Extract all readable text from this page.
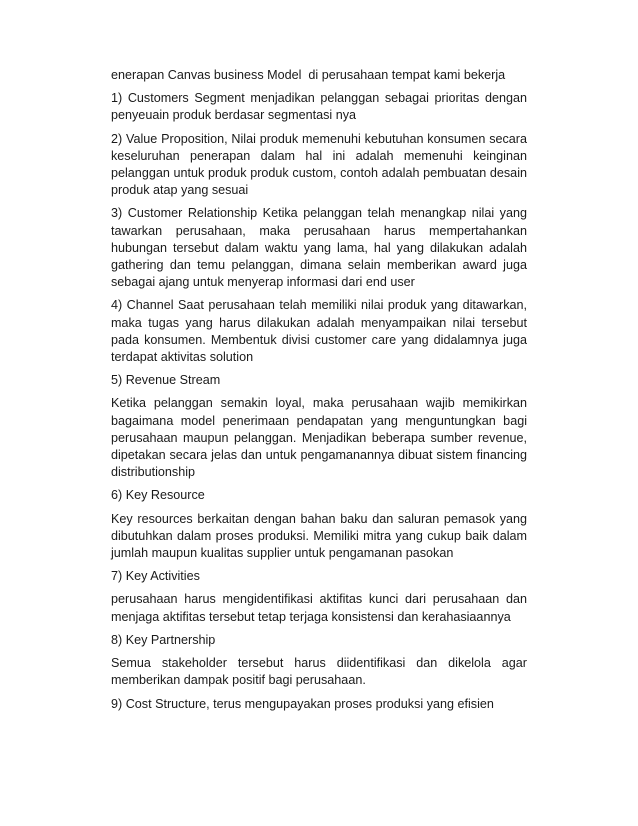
enerapan Canvas business Model  di perusahaan tempat kami bekerja

1) Customers Segment menjadikan pelanggan sebagai prioritas dengan penyeuain produk berdasar segmentasi nya

2) Value Proposition, Nilai produk memenuhi kebutuhan konsumen secara keseluruhan penerapan dalam hal ini adalah memenuhi keinginan pelanggan untuk produk produk custom, contoh adalah pembuatan desain produk atap yang sesuai

3) Customer Relationship Ketika pelanggan telah menangkap nilai yang tawarkan perusahaan, maka perusahaan harus mempertahankan hubungan tersebut dalam waktu yang lama, hal yang dilakukan adalah gathering dan temu pelanggan, dimana selain memberikan award juga sebagai ajang untuk menyerap informasi dari end user

4) Channel Saat perusahaan telah memiliki nilai produk yang ditawarkan, maka tugas yang harus dilakukan adalah menyampaikan nilai tersebut pada konsumen. Membentuk divisi customer care yang didalamnya juga terdapat aktivitas solution

5) Revenue Stream

Ketika pelanggan semakin loyal, maka perusahaan wajib memikirkan bagaimana model penerimaan pendapatan yang menguntungkan bagi perusahaan maupun pelanggan. Menjadikan beberapa sumber revenue, dipetakan secara jelas dan untuk pengamanannya dibuat sistem financing distributionship

6) Key Resource

Key resources berkaitan dengan bahan baku dan saluran pemasok yang dibutuhkan dalam proses produksi. Memiliki mitra yang cukup baik dalam jumlah maupun kualitas supplier untuk pengamanan pasokan

7) Key Activities

perusahaan harus mengidentifikasi aktifitas kunci dari perusahaan dan menjaga aktifitas tersebut tetap terjaga konsistensi dan kerahasiaannya

8) Key Partnership

Semua stakeholder tersebut harus diidentifikasi dan dikelola agar memberikan dampak positif bagi perusahaan.

9) Cost Structure, terus mengupayakan proses produksi yang efisien
